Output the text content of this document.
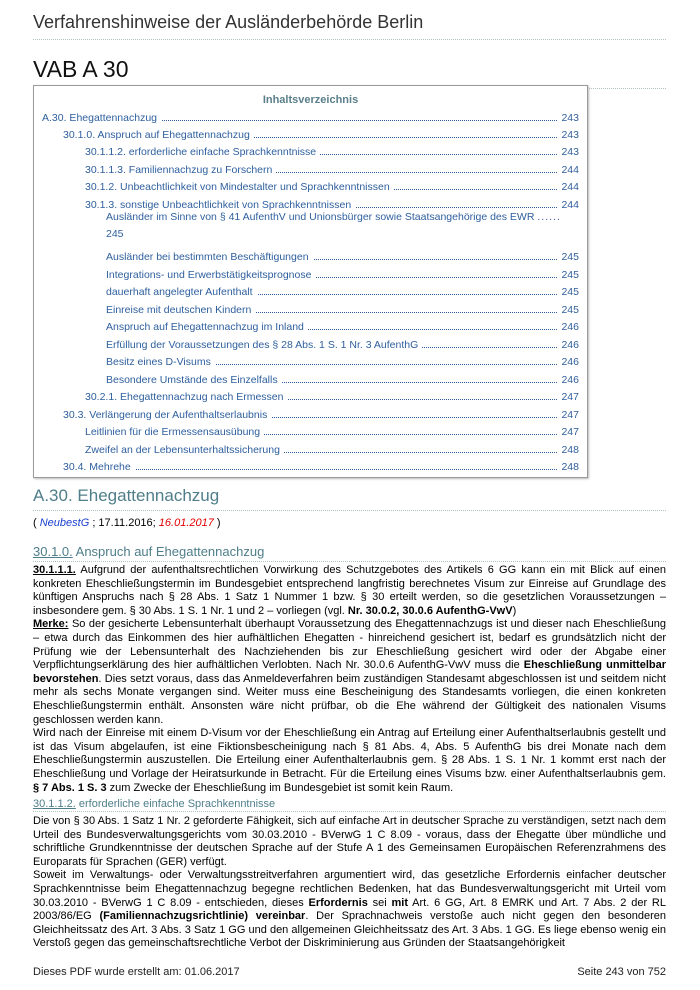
Verfahrenshinweise der Ausländerbehörde Berlin
VAB A 30
Inhaltsverzeichnis
A.30. Ehegattennachzug	243
30.1.0. Anspruch auf Ehegattennachzug	243
30.1.1.2. erforderliche einfache Sprachkenntnisse	243
30.1.1.3. Familiennachzug zu Forschern	244
30.1.2. Unbeachtlichkeit von Mindestalter und Sprachkenntnissen	244
30.1.3. sonstige Unbeachtlichkeit von Sprachkenntnissen	244
Ausländer im Sinne von § 41 AufenthV und Unionsbürger sowie Staatsangehörige des EWR ......
245
Ausländer bei bestimmten Beschäftigungen	245
Integrations- und Erwerbstätigkeitsprognose	245
dauerhaft angelegter Aufenthalt	245
Einreise mit deutschen Kindern	245
Anspruch auf Ehegattennachzug im Inland	246
Erfüllung der Voraussetzungen des § 28 Abs. 1 S. 1 Nr. 3 AufenthG	246
Besitz eines D-Visums	246
Besondere Umstände des Einzelfalls	246
30.2.1. Ehegattennachzug nach Ermessen	247
30.3. Verlängerung der Aufenthaltserlaubnis	247
Leitlinien für die Ermessensausübung	247
Zweifel an der Lebensunterhaltssicherung	248
30.4. Mehrehe	248
A.30. Ehegattennachzug
( NeubestG ; 17.11.2016; 16.01.2017 )
30.1.0. Anspruch auf Ehegattennachzug

30.1.1.1. Aufgrund der aufenthaltsrechtlichen Vorwirkung des Schutzgebotes des Artikels 6 GG kann ein mit Blick auf einen konkreten Eheschließungstermin im Bundesgebiet entsprechend langfristig berechnetes Visum zur Einreise auf Grundlage des künftigen Anspruchs nach § 28 Abs. 1 Satz 1 Nummer 1 bzw. § 30 erteilt werden, so die gesetzlichen Voraussetzungen – insbesondere gem. § 30 Abs. 1 S. 1 Nr. 1 und 2 – vorliegen (vgl. Nr. 30.0.2, 30.0.6 AufenthG-VwV)

Merke: So der gesicherte Lebensunterhalt überhaupt Voraussetzung des Ehegattennachzugs ist und dieser nach Eheschließung – etwa durch das Einkommen des hier aufhältlichen Ehegatten - hinreichend gesichert ist, bedarf es grundsätzlich nicht der Prüfung wie der Lebensunterhalt des Nachziehenden bis zur Eheschließung gesichert wird oder der Abgabe einer Verpflichtungserklärung des hier aufhältlichen Verlobten. Nach Nr. 30.0.6 AufenthG-VwV muss die Eheschließung unmittelbar bevorstehen. Dies setzt voraus, dass das Anmeldeverfahren beim zuständigen Standesamt abgeschlossen ist und seitdem nicht mehr als sechs Monate vergangen sind. Weiter muss eine Bescheinigung des Standesamts vorliegen, die einen konkreten Eheschließungstermin enthält. Ansonsten wäre nicht prüfbar, ob die Ehe während der Gültigkeit des nationalen Visums geschlossen werden kann.

Wird nach der Einreise mit einem D-Visum vor der Eheschließung ein Antrag auf Erteilung einer Aufenthaltserlaubnis gestellt und ist das Visum abgelaufen, ist eine Fiktionsbescheinigung nach § 81 Abs. 4, Abs. 5 AufenthG bis drei Monate nach dem Eheschließungstermin auszustellen. Die Erteilung einer Aufenthalterlaubnis gem. § 28 Abs. 1 S. 1 Nr. 1 kommt erst nach der Eheschließung und Vorlage der Heiratsurkunde in Betracht. Für die Erteilung eines Visums bzw. einer Aufenthaltserlaubnis gem. § 7 Abs. 1 S. 3 zum Zwecke der Eheschließung im Bundesgebiet ist somit kein Raum.

30.1.1.2. erforderliche einfache Sprachkenntnisse

Die von § 30 Abs. 1 Satz 1 Nr. 2 geforderte Fähigkeit, sich auf einfache Art in deutscher Sprache zu verständigen, setzt nach dem Urteil des Bundesverwaltungsgerichts vom 30.03.2010 - BVerwG 1 C 8.09 - voraus, dass der Ehegatte über mündliche und schriftliche Grundkenntnisse der deutschen Sprache auf der Stufe A 1 des Gemeinsamen Europäischen Referenzrahmens des Europarats für Sprachen (GER) verfügt.

Soweit im Verwaltungs- oder Verwaltungsstreitverfahren argumentiert wird, das gesetzliche Erfordernis einfacher deutscher Sprachkenntnisse beim Ehegattennachzug begegne rechtlichen Bedenken, hat das Bundesverwaltungsgericht mit Urteil vom 30.03.2010 - BVerwG 1 C 8.09 - entschieden, dieses Erfordernis sei mit Art. 6 GG, Art. 8 EMRK und Art. 7 Abs. 2 der RL 2003/86/EG (Familiennachzugsrichtlinie) vereinbar. Der Sprachnachweis verstoße auch nicht gegen den besonderen Gleichheitssatz des Art. 3 Abs. 3 Satz 1 GG und den allgemeinen Gleichheitssatz des Art. 3 Abs. 1 GG. Es liege ebenso wenig ein Verstoß gegen das gemeinschaftsrechtliche Verbot der Diskriminierung aus Gründen der Staatsangehörigkeit

Dieses PDF wurde erstellt am: 01.06.2017	Seite 243 von 752
